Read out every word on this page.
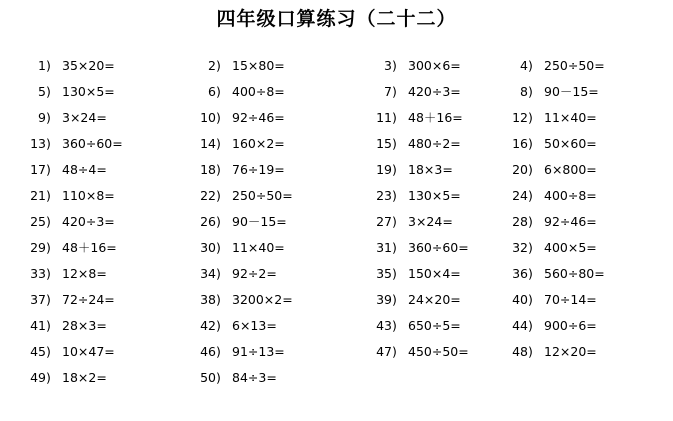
四年级口算练习（二十二）
1) 35×20=	2) 15×80=	3) 300×6=	4) 250÷50=
5) 130×5=	6) 400÷8=	7) 420÷3=	8) 90－15=
9) 3×24=	10) 92÷46=	11) 48＋16=	12) 11×40=
13) 360÷60=	14) 160×2=	15) 480÷2=	16) 50×60=
17) 48÷4=	18) 76÷19=	19) 18×3=	20) 6×800=
21) 110×8=	22) 250÷50=	23) 130×5=	24) 400÷8=
25) 420÷3=	26) 90－15=	27) 3×24=	28) 92÷46=
29) 48＋16=	30) 11×40=	31) 360÷60=	32) 400×5=
33) 12×8=	34) 92÷2=	35) 150×4=	36) 560÷80=
37) 72÷24=	38) 3200×2=	39) 24×20=	40) 70÷14=
41) 28×3=	42) 6×13=	43) 650÷5=	44) 900÷6=
45) 10×47=	46) 91÷13=	47) 450÷50=	48) 12×20=
49) 18×2=	50) 84÷3=
